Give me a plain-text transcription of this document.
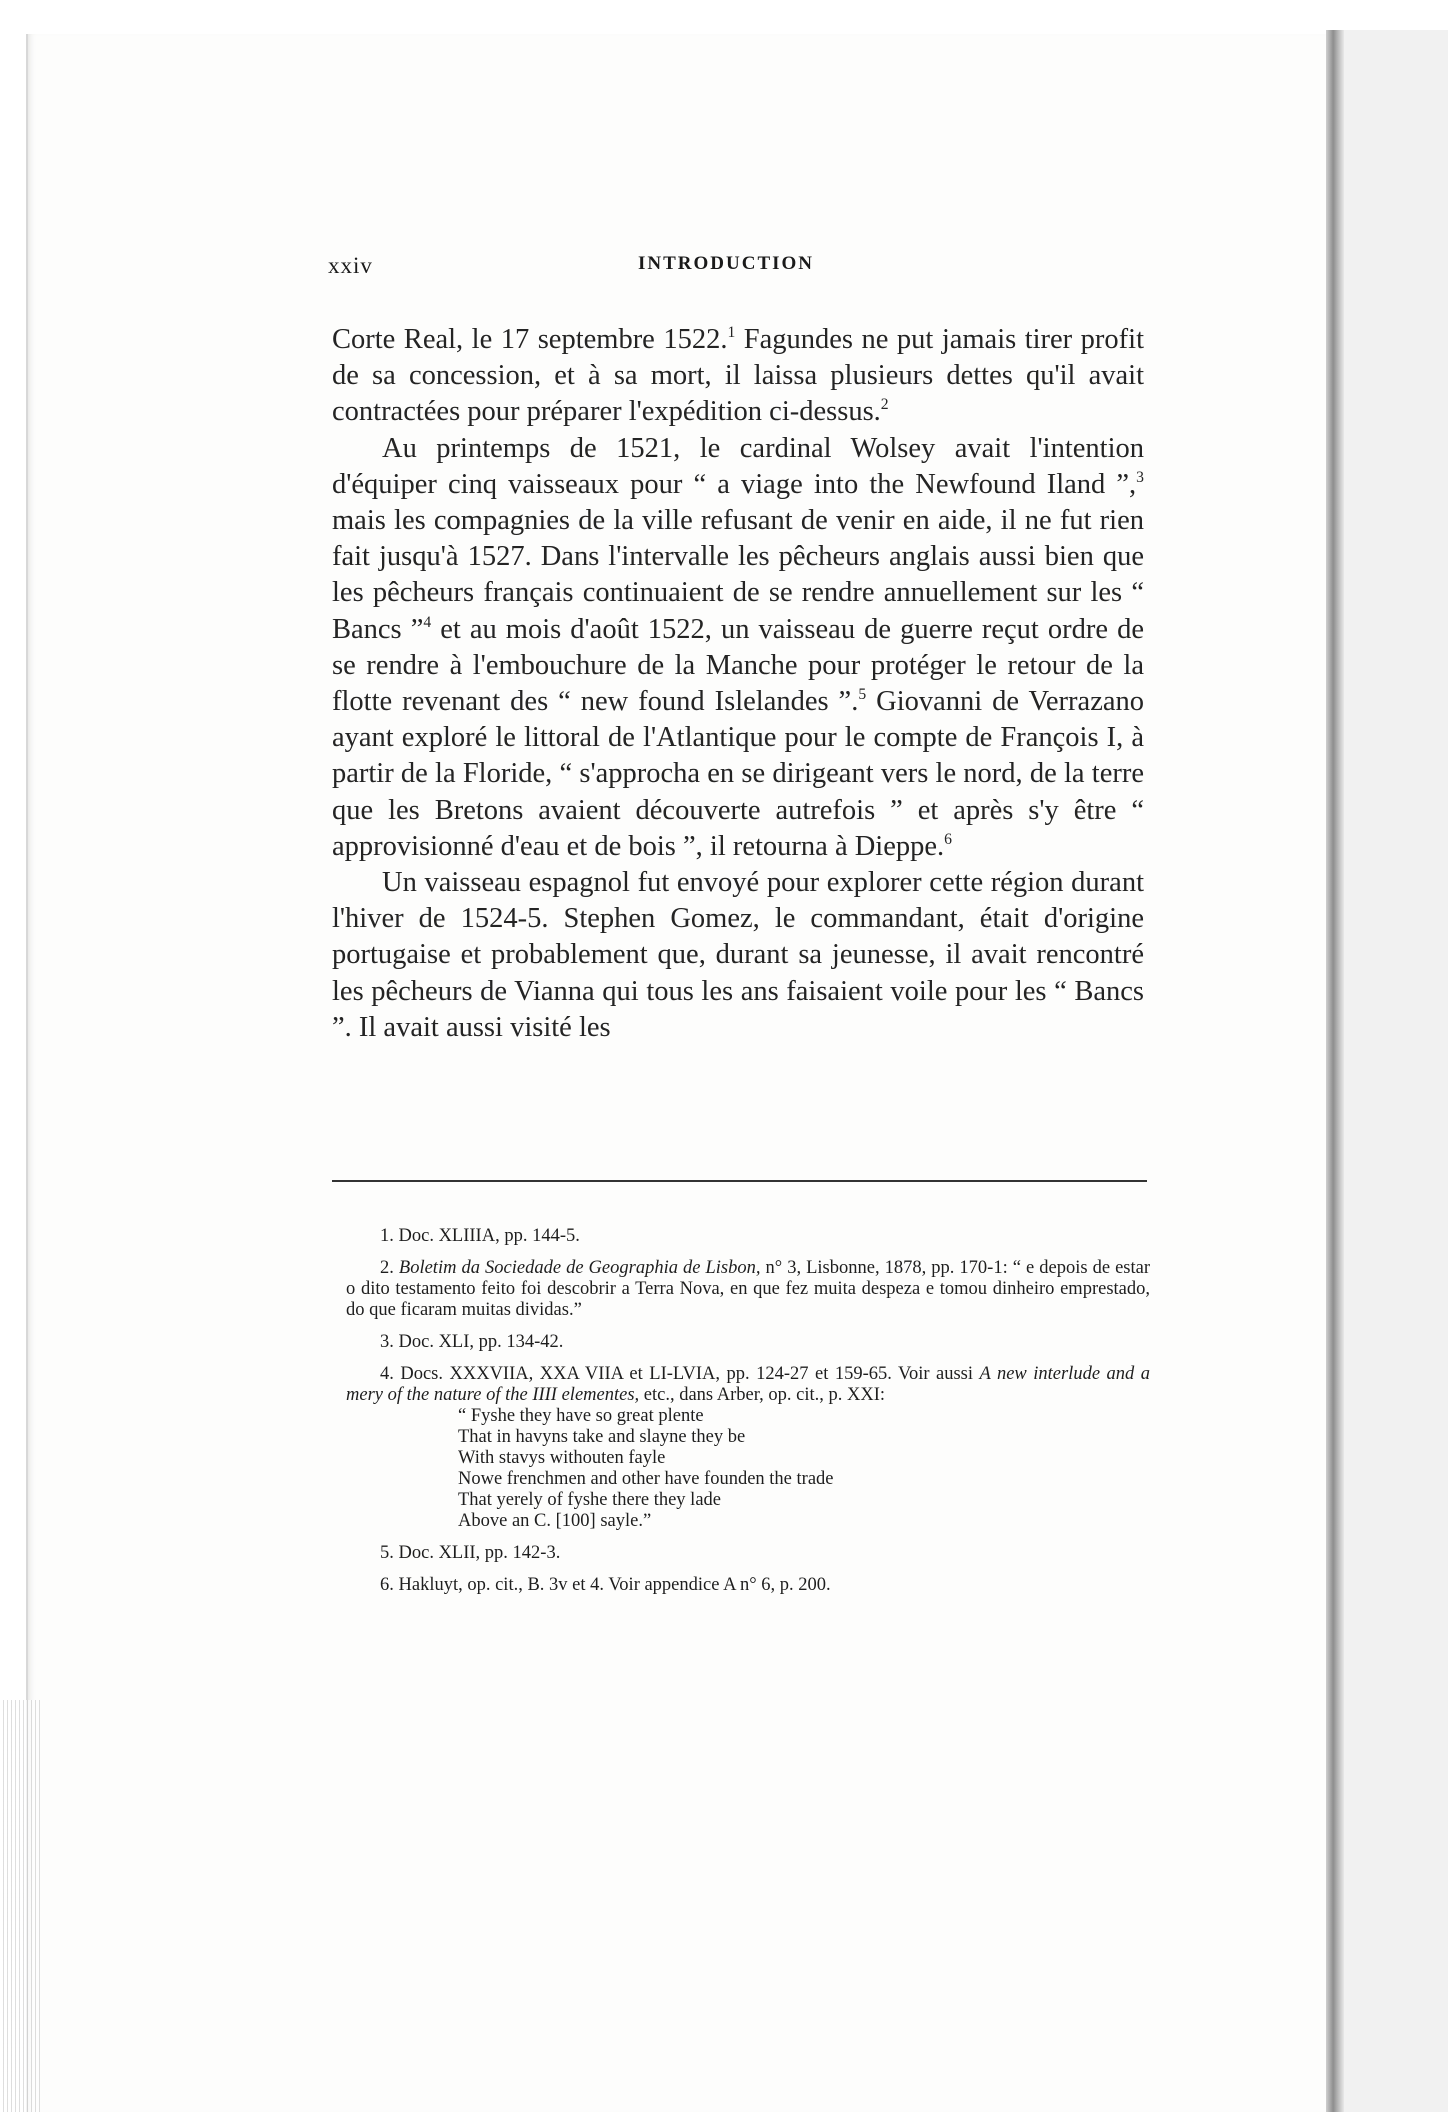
xxiv	INTRODUCTION

Corte Real, le 17 septembre 1522.$^1$ Fagundes ne put jamais tirer profit de sa concession, et à sa mort, il laissa plusieurs dettes qu'il avait contractées pour préparer l'expédition ci-dessus.$^2$

Au printemps de 1521, le cardinal Wolsey avait l'intention d'équiper cinq vaisseaux pour “ a viage into the Newfound Iland ”,$^3$ mais les compagnies de la ville refusant de venir en aide, il ne fut rien fait jusqu'à 1527. Dans l'intervalle les pêcheurs anglais aussi bien que les pêcheurs français continuaient de se rendre annuellement sur les “ Bancs ”$^4$ et au mois d'août 1522, un vaisseau de guerre reçut ordre de se rendre à l'embouchure de la Manche pour protéger le retour de la flotte revenant des “ new found Islelandes ”.$^5$ Giovanni de Verrazano ayant exploré le littoral de l'Atlantique pour le compte de François I, à partir de la Floride, “ s'approcha en se dirigeant vers le nord, de la terre que les Bretons avaient découverte autrefois ” et après s'y être “ approvisionné d'eau et de bois ”, il retourna à Dieppe.$^6$

Un vaisseau espagnol fut envoyé pour explorer cette région durant l'hiver de 1524-5. Stephen Gomez, le commandant, était d'origine portugaise et probablement que, durant sa jeunesse, il avait rencontré les pêcheurs de Vianna qui tous les ans faisaient voile pour les “ Bancs ”. Il avait aussi visité les

1. Doc. XLIIIA, pp. 144-5.

2. Boletim da Sociedade de Geographia de Lisbon, n° 3, Lisbonne, 1878, pp. 170-1: “ e depois de estar o dito testamento feito foi descobrir a Terra Nova, en que fez muita despeza e tomou dinheiro emprestado, do que ficaram muitas dividas.”

3. Doc. XLI, pp. 134-42.

4. Docs. XXXVIIA, XXA VIIA et LI-LVIA, pp. 124-27 et 159-65. Voir aussi A new interlude and a mery of the nature of the IIII elementes, etc., dans Arber, op. cit., p. XXI:

“ Fyshe they have so great plente
That in havyns take and slayne they be
With stavys withouten fayle
Nowe frenchmen and other have founden the trade
That yerely of fyshe there they lade
Above an C. [100] sayle.”

5. Doc. XLII, pp. 142-3.

6. Hakluyt, op. cit., B. 3v et 4. Voir appendice A n° 6, p. 200.
